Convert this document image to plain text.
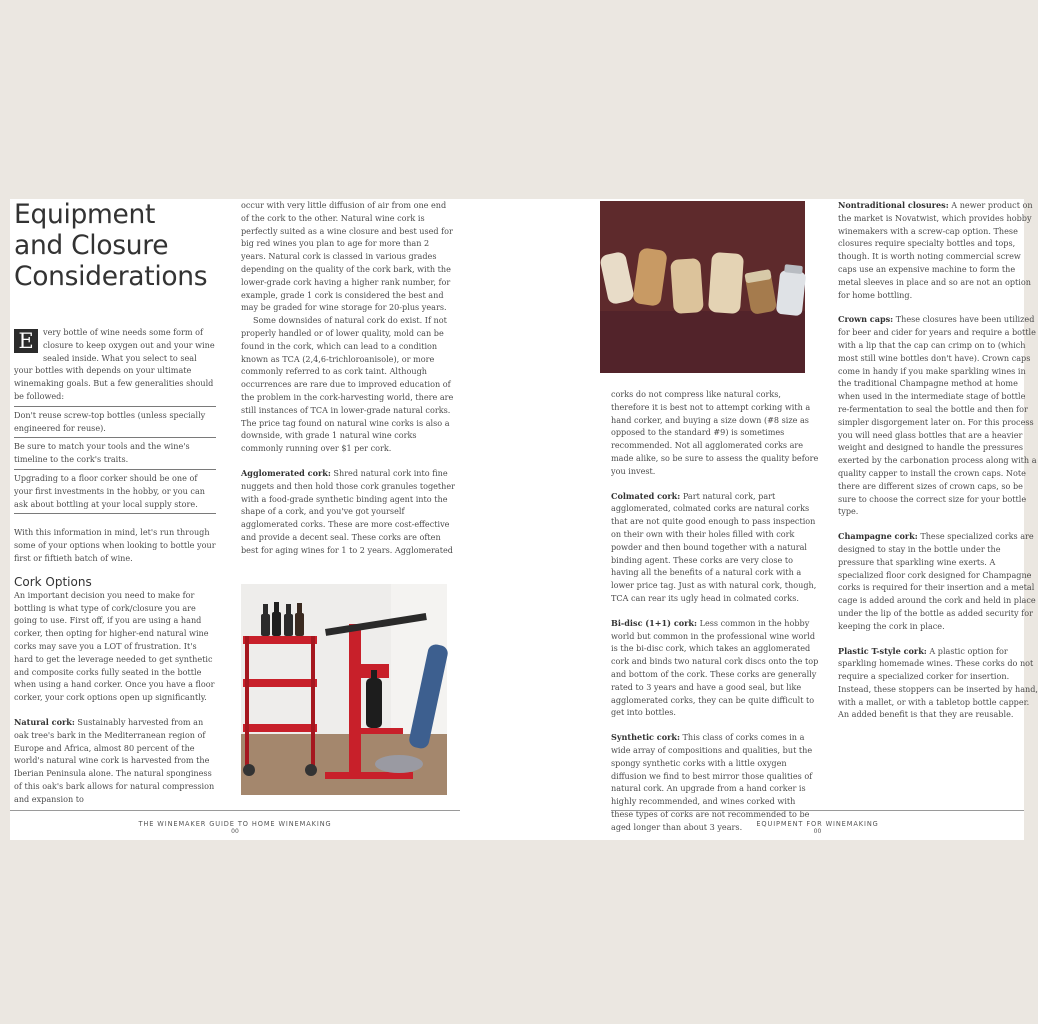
Equipment
and Closure
Considerations

E	very bottle of wine needs some form of closure to keep oxygen out and your wine sealed inside. What you select to seal your bottles with depends on your ultimate winemaking goals. But a few generalities should be followed:

Don't reuse screw-top bottles (unless specially engineered for reuse).
Be sure to match your tools and the wine's timeline to the cork's traits.
Upgrading to a floor corker should be one of your first investments in the hobby, or you can ask about bottling at your local supply store.

With this information in mind, let's run through some of your options when looking to bottle your first or fiftieth batch of wine.

Cork Options

An important decision you need to make for bottling is what type of cork/closure you are going to use. First off, if you are using a hand corker, then opting for higher-end natural wine corks may save you a LOT of frustration. It's hard to get the leverage needed to get synthetic and composite corks fully seated in the bottle when using a hand corker. Once you have a floor corker, your cork options open up significantly.

Natural cork: Sustainably harvested from an oak tree's bark in the Mediterranean region of Europe and Africa, almost 80 percent of the world's natural wine cork is harvested from the Iberian Peninsula alone. The natural sponginess of this oak's bark allows for natural compression and expansion to

occur with very little diffusion of air from one end of the cork to the other. Natural wine cork is perfectly suited as a wine closure and best used for big red wines you plan to age for more than 2 years. Natural cork is classed in various grades depending on the quality of the cork bark, with the lower-grade cork having a higher rank number, for example, grade 1 cork is considered the best and may be graded for wine storage for 20-plus years.

Some downsides of natural cork do exist. If not properly handled or of lower quality, mold can be found in the cork, which can lead to a condition known as TCA (2,4,6-trichloroanisole), or more commonly referred to as cork taint. Although occurrences are rare due to improved education of the problem in the cork-harvesting world, there are still instances of TCA in lower-grade natural corks. The price tag found on natural wine corks is also a downside, with grade 1 natural wine corks commonly running over $1 per cork.

Agglomerated cork: Shred natural cork into fine nuggets and then hold those cork granules together with a food-grade synthetic binding agent into the shape of a cork, and you've got yourself agglomerated corks. These are more cost-effective and provide a decent seal. These corks are often best for aging wines for 1 to 2 years. Agglomerated

THE WINEMAKER GUIDE TO HOME WINEMAKING
00

corks do not compress like natural corks, therefore it is best not to attempt corking with a hand corker, and buying a size down (#8 size as opposed to the standard #9) is sometimes recommended. Not all agglomerated corks are made alike, so be sure to assess the quality before you invest.

Colmated cork: Part natural cork, part agglomerated, colmated corks are natural corks that are not quite good enough to pass inspection on their own with their holes filled with cork powder and then bound together with a natural binding agent. These corks are very close to having all the benefits of a natural cork with a lower price tag. Just as with natural cork, though, TCA can rear its ugly head in colmated corks.

Bi-disc (1+1) cork: Less common in the hobby world but common in the professional wine world is the bi-disc cork, which takes an agglomerated cork and binds two natural cork discs onto the top and bottom of the cork. These corks are generally rated to 3 years and have a good seal, but like agglomerated corks, they can be quite difficult to get into bottles.

Synthetic cork: This class of corks comes in a wide array of compositions and qualities, but the spongy synthetic corks with a little oxygen diffusion we find to best mirror those qualities of natural cork. An upgrade from a hand corker is highly recommended, and wines corked with these types of corks are not recommended to be aged longer than about 3 years.

Nontraditional closures: A newer product on the market is Novatwist, which provides hobby winemakers with a screw-cap option. These closures require specialty bottles and tops, though. It is worth noting commercial screw caps use an expensive machine to form the metal sleeves in place and so are not an option for home bottling.

Crown caps: These closures have been utilized for beer and cider for years and require a bottle with a lip that the cap can crimp on to (which most still wine bottles don't have). Crown caps come in handy if you make sparkling wines in the traditional Champagne method at home when used in the intermediate stage of bottle re-fermentation to seal the bottle and then for simpler disgorgement later on. For this process you will need glass bottles that are a heavier weight and designed to handle the pressures exerted by the carbonation process along with a quality capper to install the crown caps. Note there are different sizes of crown caps, so be sure to choose the correct size for your bottle type.

Champagne cork: These specialized corks are designed to stay in the bottle under the pressure that sparkling wine exerts. A specialized floor cork designed for Champagne corks is required for their insertion and a metal cage is added around the cork and held in place under the lip of the bottle as added security for keeping the cork in place.

Plastic T-style cork: A plastic option for sparkling homemade wines. These corks do not require a specialized corker for insertion. Instead, these stoppers can be inserted by hand, with a mallet, or with a tabletop bottle capper. An added benefit is that they are reusable.

EQUIPMENT FOR WINEMAKING
00
